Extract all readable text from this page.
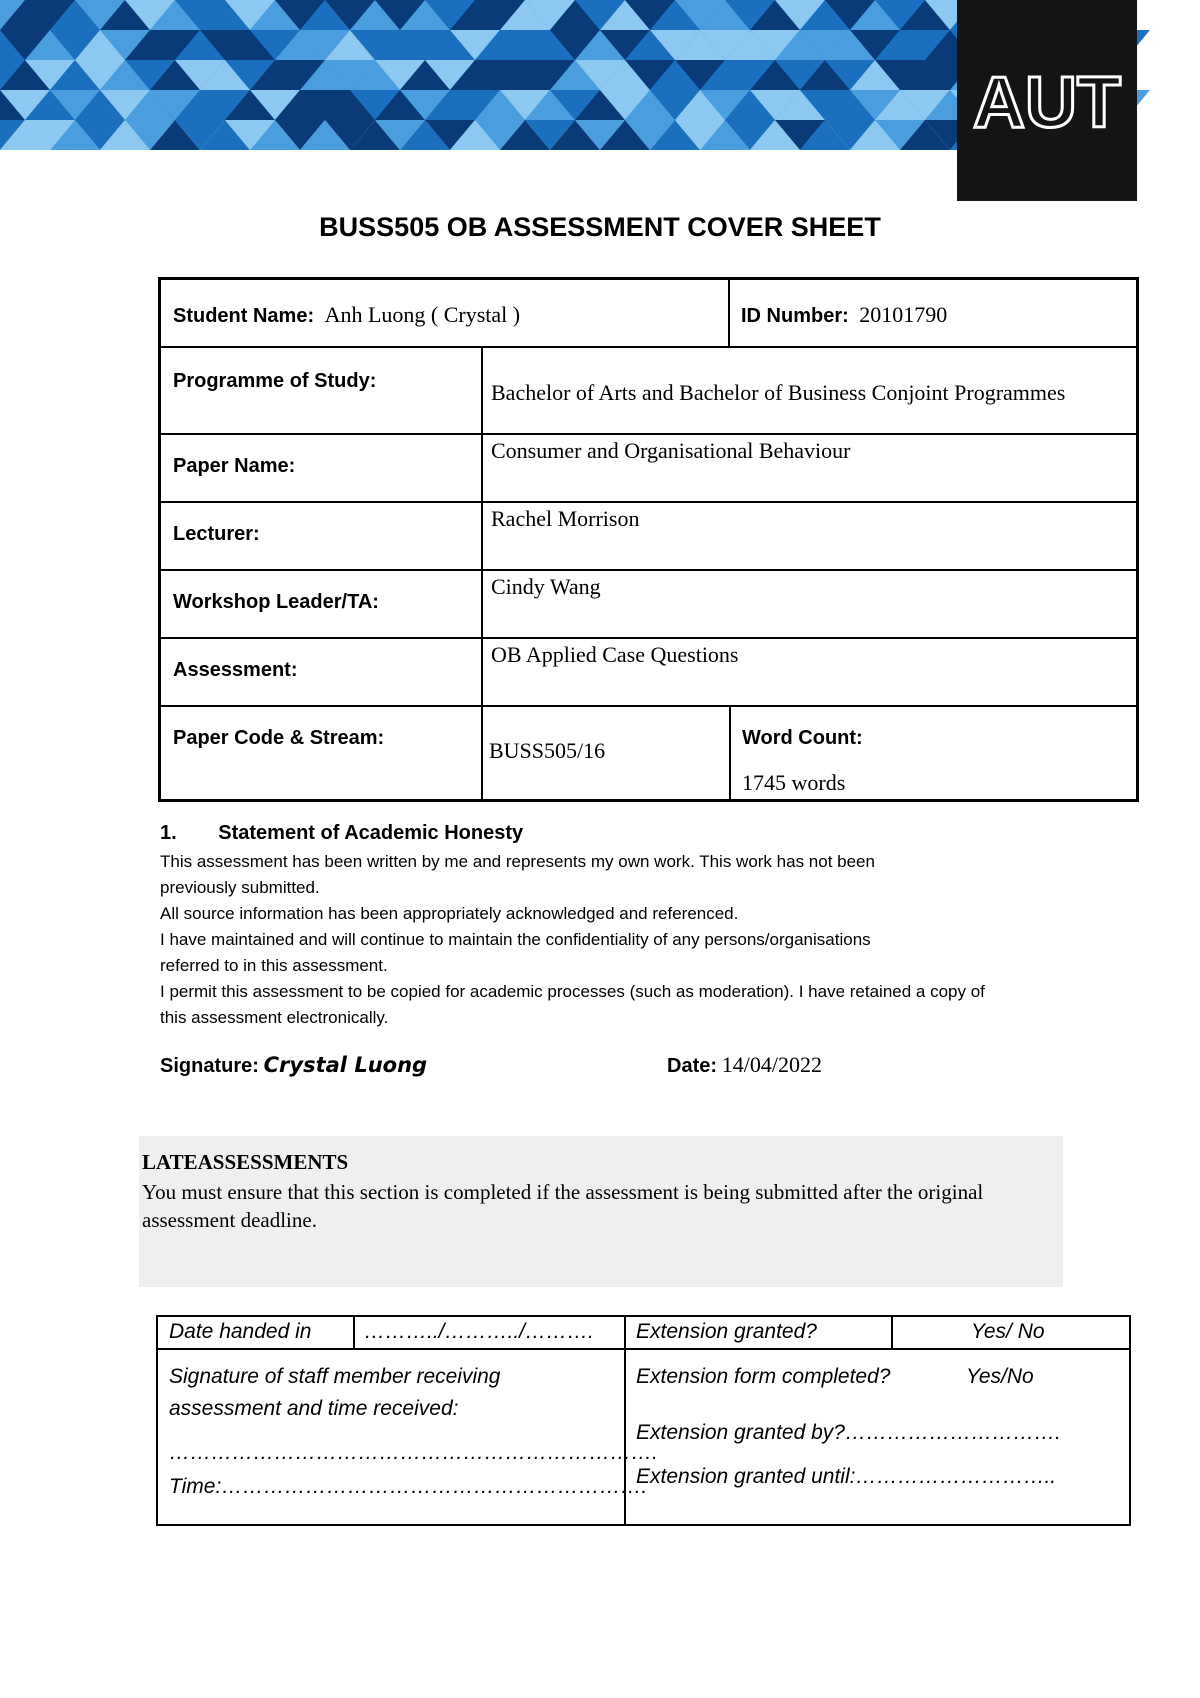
AUT
BUSS505 OB ASSESSMENT COVER SHEET
Student Name: Anh Luong ( Crystal )	ID Number: 20101790
Programme of Study:	Bachelor of Arts and Bachelor of Business Conjoint Programmes
Paper Name:
Consumer and Organisational Behaviour
Lecturer:
Rachel Morrison
Workshop Leader/TA:
Cindy Wang
Assessment:
OB Applied Case Questions
Paper Code & Stream:	BUSS505/16	Word Count:
1745 words
1. Statement of Academic Honesty
This assessment has been written by me and represents my own work. This work has not been
previously submitted.
All source information has been appropriately acknowledged and referenced.
I have maintained and will continue to maintain the confidentiality of any persons/organisations
referred to in this assessment.
I permit this assessment to be copied for academic processes (such as moderation). I have retained a copy of
this assessment electronically.
Signature: Crystal Luong	Date: 14/04/2022
LATEASSESSMENTS

You must ensure that this section is completed if the assessment is being submitted after the original assessment deadline.

Date handed in	………../………../………. Extension granted?	Yes/ No
Signature of staff member receiving
assessment and time received:
…………………………………………………………….
Time:…………………………………………………….
Extension form completed?	Yes/No
Extension granted by?………………………….
Extension granted until:………………………..
